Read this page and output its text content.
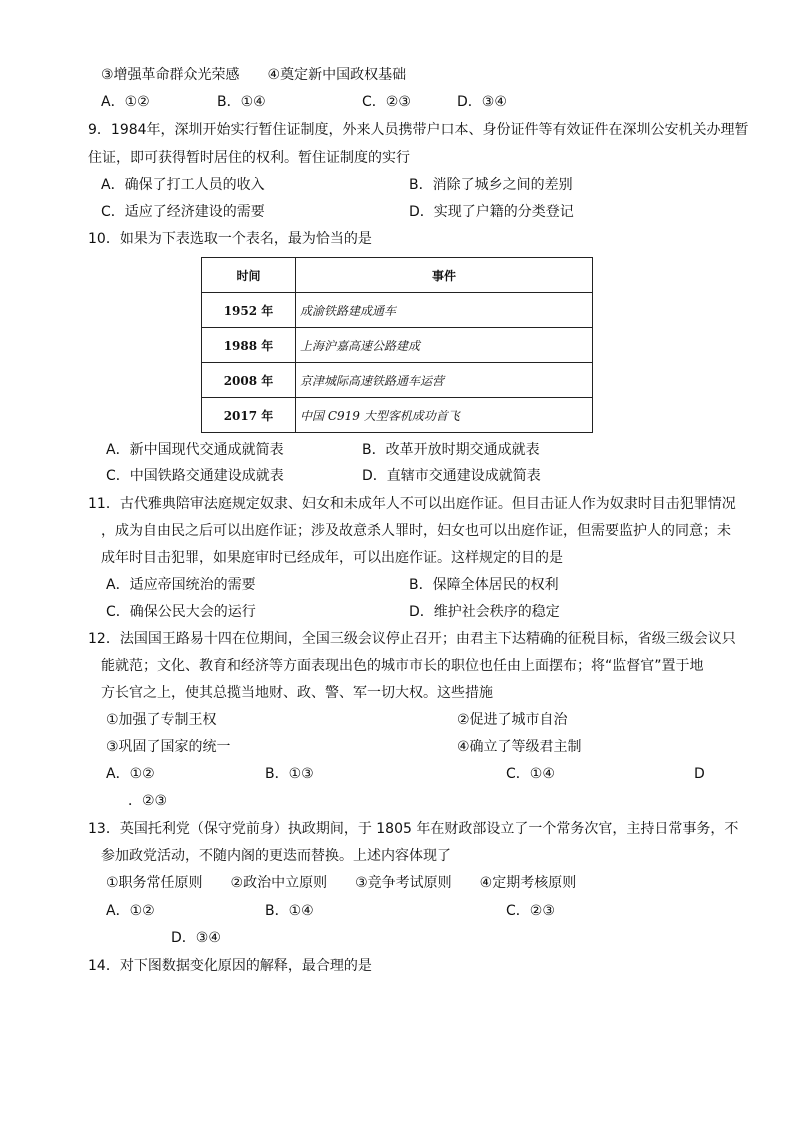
③增强革命群众光荣感　　④奠定新中国政权基础
A．①②	B．①④	C．②③	D．③④
9．1984年，深圳开始实行暂住证制度，外来人员携带户口本、身份证件等有效证件在深圳公安机关办理暂
住证，即可获得暂时居住的权利。暂住证制度的实行
A．确保了打工人员的收入	B．消除了城乡之间的差别
C．适应了经济建设的需要	D．实现了户籍的分类登记
10．如果为下表选取一个表名，最为恰当的是
时间	事件
1952 年	成渝铁路建成通车
1988 年	上海沪嘉高速公路建成
2008 年	京津城际高速铁路通车运营
2017 年	中国 C919 大型客机成功首飞
A．新中国现代交通成就简表	B．改革开放时期交通成就表
C．中国铁路交通建设成就表	D．直辖市交通建设成就简表
11．古代雅典陪审法庭规定奴隶、妇女和未成年人不可以出庭作证。但目击证人作为奴隶时目击犯罪情况
，成为自由民之后可以出庭作证；涉及故意杀人罪时，妇女也可以出庭作证，但需要监护人的同意；未
成年时目击犯罪，如果庭审时已经成年，可以出庭作证。这样规定的目的是
A．适应帝国统治的需要	B．保障全体居民的权利
C．确保公民大会的运行	D．维护社会秩序的稳定
12．法国国王路易十四在位期间，全国三级会议停止召开；由君主下达精确的征税目标，省级三级会议只
能就范；文化、教育和经济等方面表现出色的城市市长的职位也任由上面摆布；将“监督官”置于地
方长官之上，使其总揽当地财、政、警、军一切大权。这些措施
①加强了专制王权	②促进了城市自治
③巩固了国家的统一	④确立了等级君主制
A．①②	B．①③	C．①④	D
．②③
13．英国托利党（保守党前身）执政期间，于 1805 年在财政部设立了一个常务次官，主持日常事务，不
参加政党活动，不随内阁的更迭而替换。上述内容体现了
①职务常任原则　　②政治中立原则　　③竞争考试原则　　④定期考核原则
A．①②	B．①④	C．②③
D．③④
14．对下图数据变化原因的解释，最合理的是
